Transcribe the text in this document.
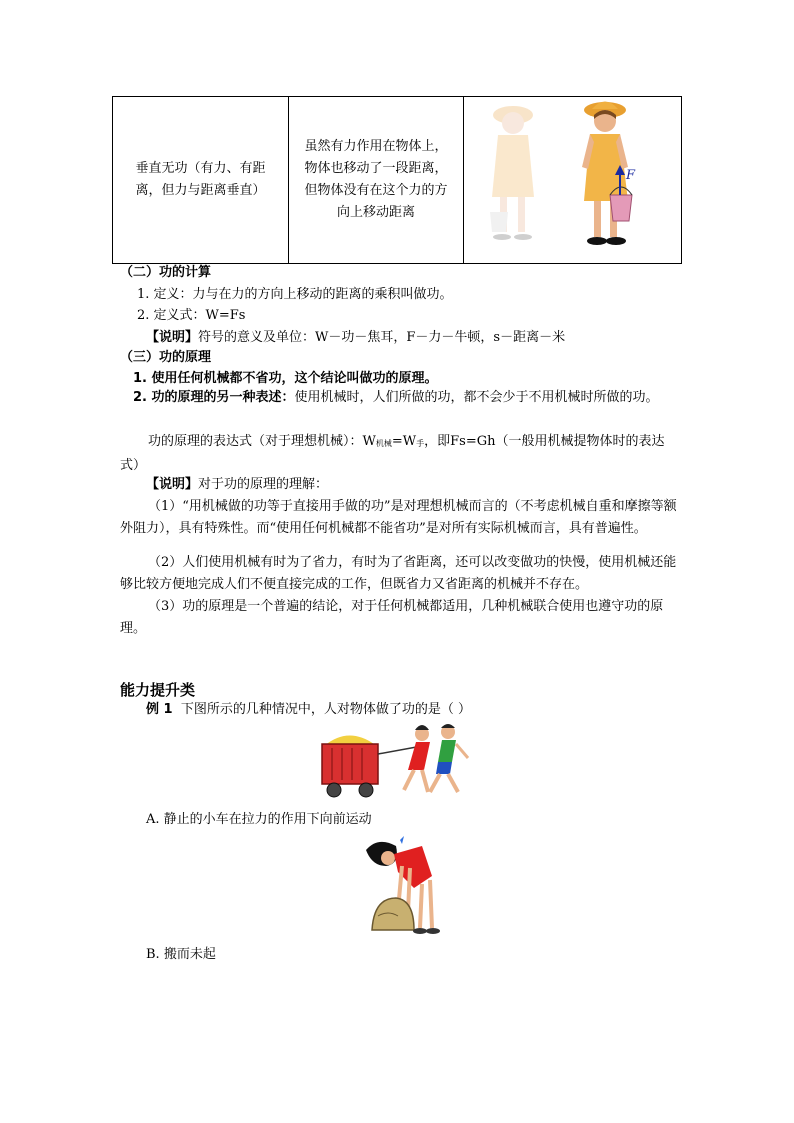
垂直无功（有力、有距离，但力与距离垂直）	虽然有力作用在物体上，物体也移动了一段距离，但物体没有在这个力的方向上移动距离	
F
（二）功的计算
1. 定义：力与在力的方向上移动的距离的乘积叫做功。
2. 定义式：W=Fs
【说明】符号的意义及单位：W－功－焦耳，F－力－牛顿，s－距离－米
（三）功的原理
1. 使用任何机械都不省功，这个结论叫做功的原理。
2. 功的原理的另一种表述：使用机械时，人们所做的功，都不会少于不用机械时所做的功。
功的原理的表达式（对于理想机械）：W机械=W手，即Fs=Gh（一般用机械提物体时的表达式）
【说明】对于功的原理的理解：
（1）“用机械做的功等于直接用手做的功”是对理想机械而言的（不考虑机械自重和摩擦等额外阻力），具有特殊性。而“使用任何机械都不能省功”是对所有实际机械而言，具有普遍性。
（2）人们使用机械有时为了省力，有时为了省距离，还可以改变做功的快慢，使用机械还能够比较方便地完成人们不便直接完成的工作，但既省力又省距离的机械并不存在。
（3）功的原理是一个普遍的结论，对于任何机械都适用，几种机械联合使用也遵守功的原理。
能力提升类
例 1 下图所示的几种情况中，人对物体做了功的是（ ）
A. 静止的小车在拉力的作用下向前运动
B. 搬而未起
